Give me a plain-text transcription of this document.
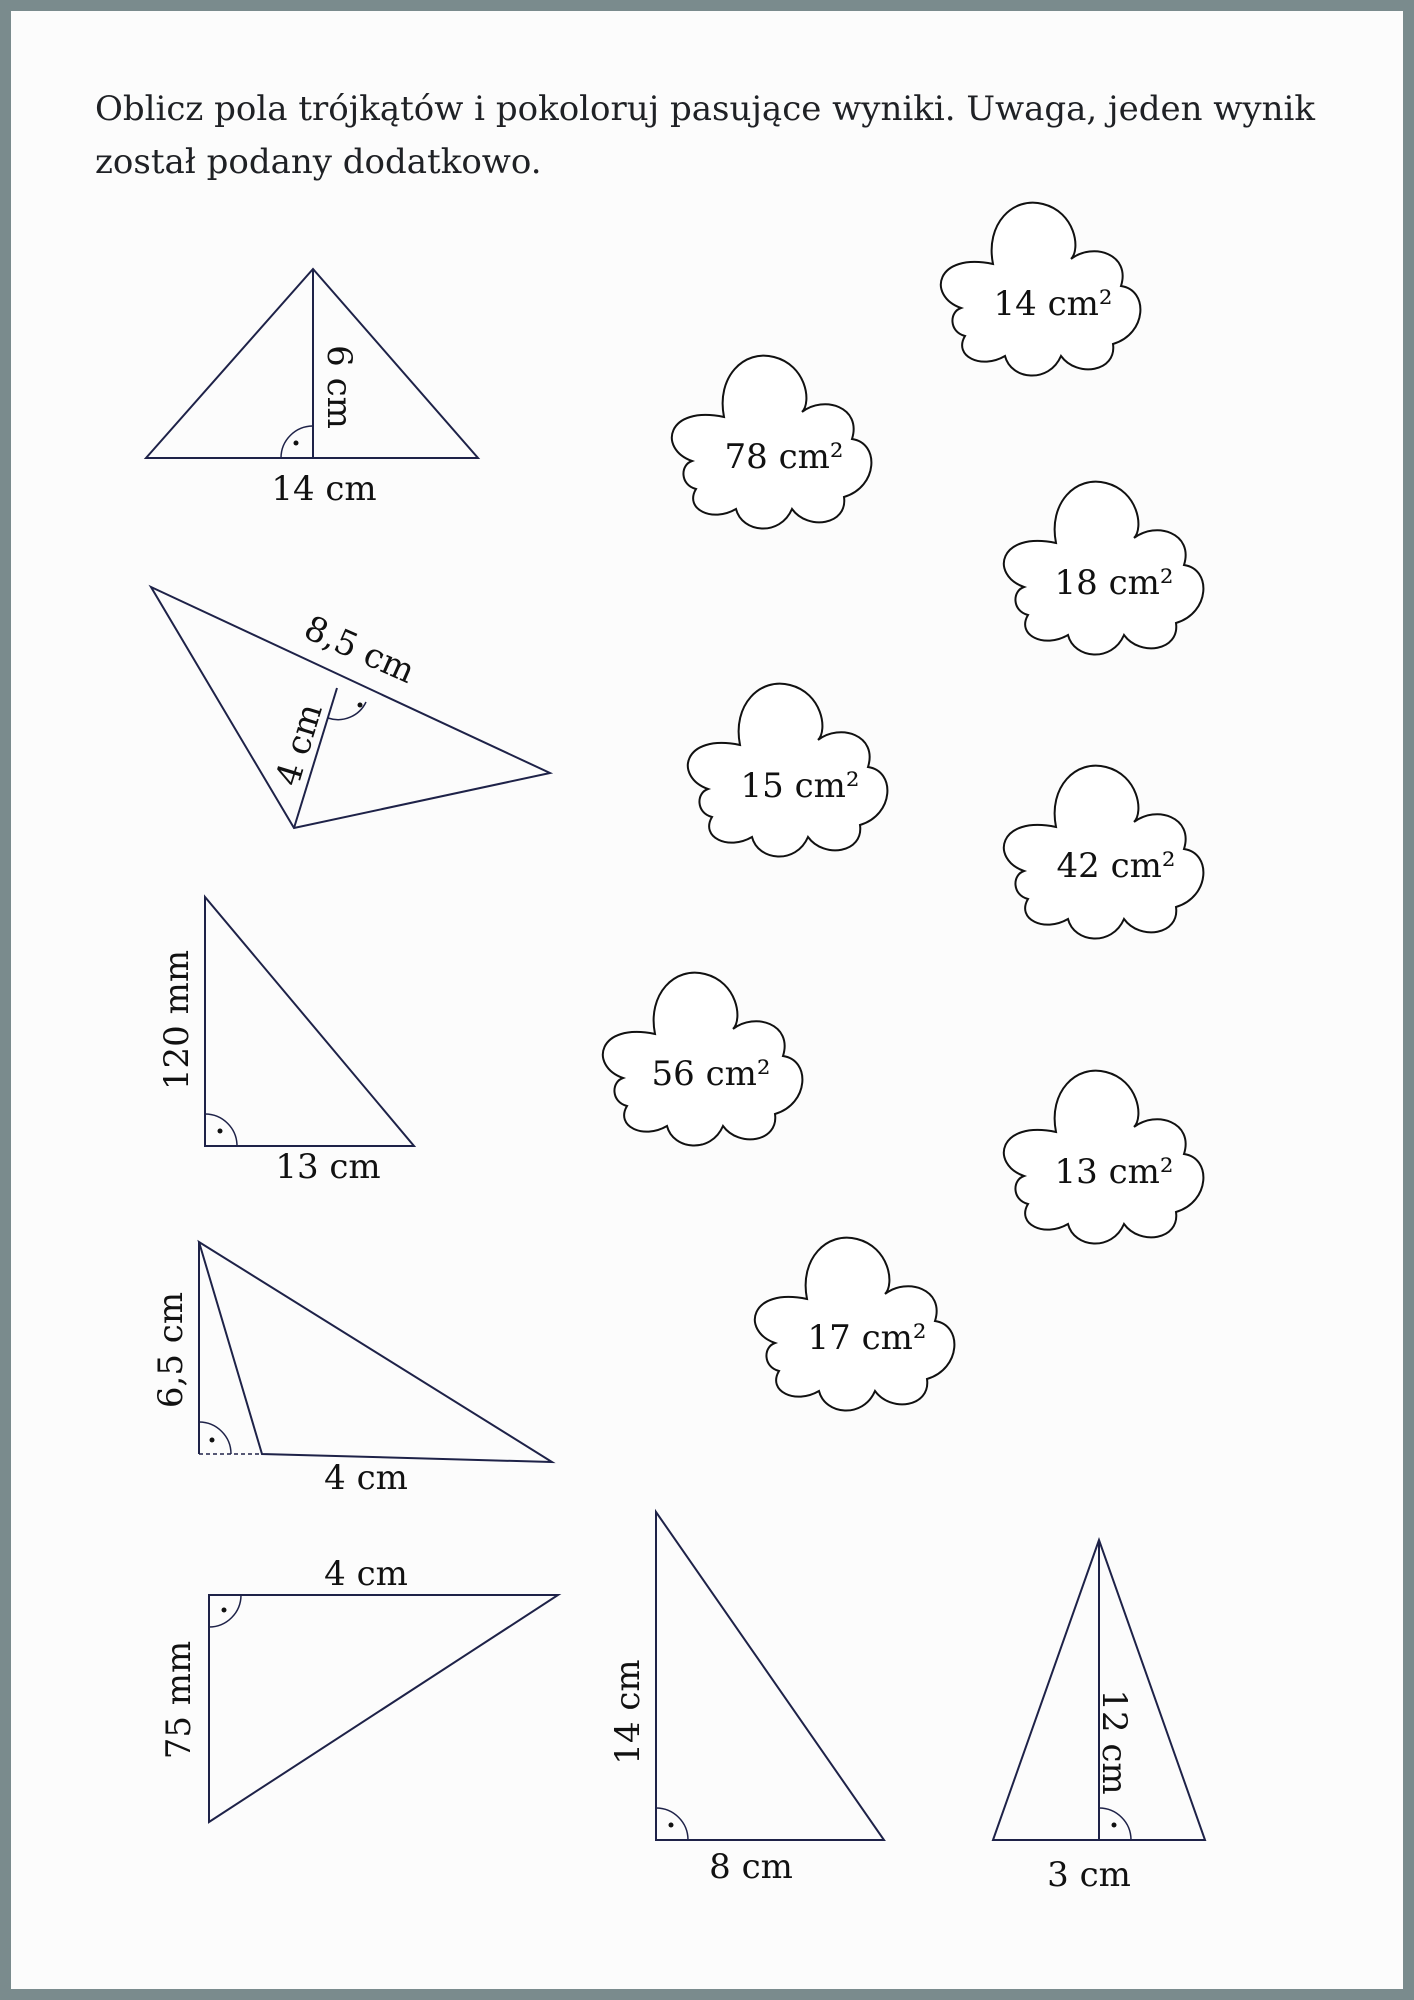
Oblicz pola trójkątów i pokoloruj pasujące wyniki. Uwaga, jeden wynik został podany dodatkowo.

6 cm
14 cm
8,5 cm
4 cm
120 mm
13 cm
6,5 cm
4 cm
4 cm
75 mm	14 cm
8 cm
12 cm
3 cm
14 cm²
78 cm²
18 cm²
15 cm²
42 cm²
56 cm²
13 cm²
17 cm²
